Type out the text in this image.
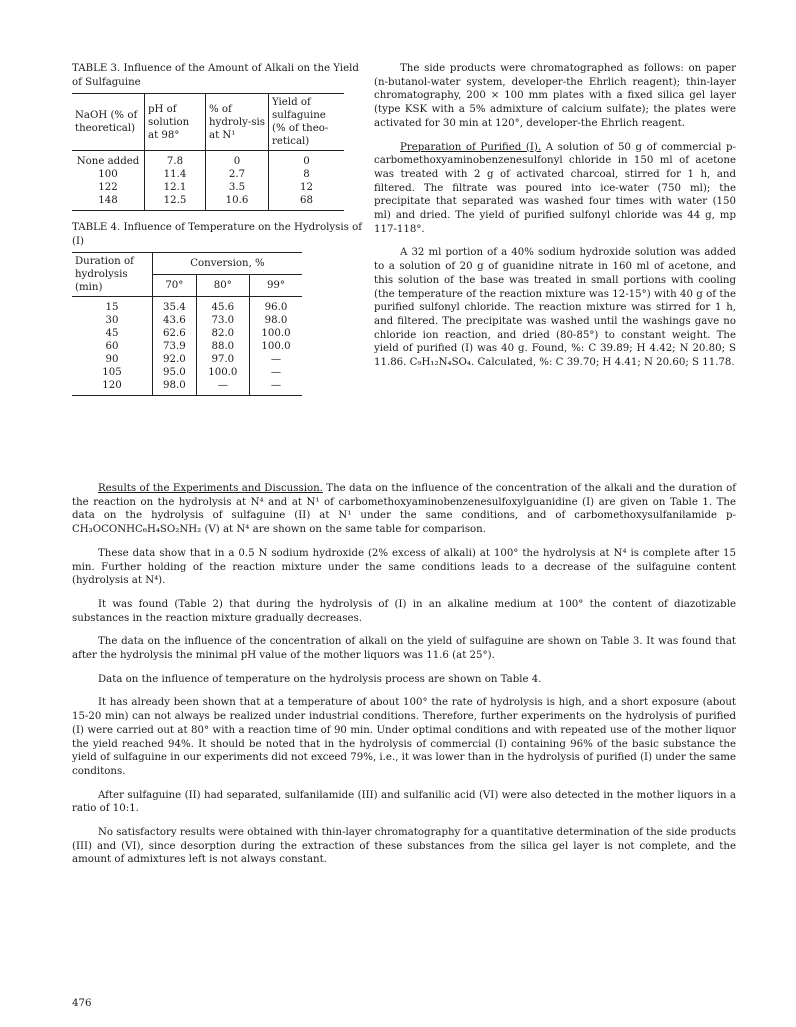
TABLE 3. Influence of the Amount of Alkali on the Yield of Sulfaguine

NaOH (% of theoretical)	pH of solution at 98°	% of hydroly-sis at N¹	Yield of sulfaguine (% of theo-retical)
None added	7.8	0	0
100	11.4	2.7	8
122	12.1	3.5	12
148	12.5	10.6	68

TABLE 4. Influence of Temperature on the Hydrolysis of (I)

Duration of hydrolysis (min)	Conversion, %		
	70°	80°	99°
15	35.4	45.6	96.0
30	43.6	73.0	98.0
45	62.6	82.0	100.0
60	73.9	88.0	100.0
90	92.0	97.0	—
105	95.0	100.0	—
120	98.0	—	—

The side products were chromatographed as follows: on paper (n-butanol-water system, developer-the Ehrlich reagent); thin-layer chromatography, 200 × 100 mm plates with a fixed silica gel layer (type KSK with a 5% admixture of calcium sulfate); the plates were activated for 30 min at 120°, developer-the Ehrlich reagent.

Preparation of Purified (I). A solution of 50 g of commercial p-carbomethoxyaminobenzenesulfonyl chloride in 150 ml of acetone was treated with 2 g of activated charcoal, stirred for 1 h, and filtered. The filtrate was poured into ice-water (750 ml); the precipitate that separated was washed four times with water (150 ml) and dried. The yield of purified sulfonyl chloride was 44 g, mp 117-118°.

A 32 ml portion of a 40% sodium hydroxide solution was added to a solution of 20 g of guanidine nitrate in 160 ml of acetone, and this solution of the base was treated in small portions with cooling (the temperature of the reaction mixture was 12-15°) with 40 g of the purified sulfonyl chloride. The reaction mixture was stirred for 1 h, and filtered. The precipitate was washed until the washings gave no chloride ion reaction, and dried (80-85°) to constant weight. The yield of purified (I) was 40 g. Found, %: C 39.89; H 4.42; N 20.80; S 11.86. C₉H₁₂N₄SO₄. Calculated, %: C 39.70; H 4.41; N 20.60; S 11.78.

Results of the Experiments and Discussion. The data on the influence of the concentration of the alkali and the duration of the reaction on the hydrolysis at N⁴ and at N¹ of carbomethoxyaminobenzenesulfoxylguanidine (I) are given on Table 1. The data on the hydrolysis of sulfaguine (II) at N¹ under the same conditions, and of carbomethoxysulfanilamide p-CH₃OCONHC₆H₄SO₂NH₂ (V) at N⁴ are shown on the same table for comparison.

These data show that in a 0.5 N sodium hydroxide (2% excess of alkali) at 100° the hydrolysis at N⁴ is complete after 15 min. Further holding of the reaction mixture under the same conditions leads to a decrease of the sulfaguine content (hydrolysis at N⁴).

It was found (Table 2) that during the hydrolysis of (I) in an alkaline medium at 100° the content of diazotizable substances in the reaction mixture gradually decreases.

The data on the influence of the concentration of alkali on the yield of sulfaguine are shown on Table 3. It was found that after the hydrolysis the minimal pH value of the mother liquors was 11.6 (at 25°).

Data on the influence of temperature on the hydrolysis process are shown on Table 4.

It has already been shown that at a temperature of about 100° the rate of hydrolysis is high, and a short exposure (about 15-20 min) can not always be realized under industrial conditions. Therefore, further experiments on the hydrolysis of purified (I) were carried out at 80° with a reaction time of 90 min. Under optimal conditions and with repeated use of the mother liquor the yield reached 94%. It should be noted that in the hydrolysis of commercial (I) containing 96% of the basic substance the yield of sulfaguine in our experiments did not exceed 79%, i.e., it was lower than in the hydrolysis of purified (I) under the same conditons.

After sulfaguine (II) had separated, sulfanilamide (III) and sulfanilic acid (VI) were also detected in the mother liquors in a ratio of 10:1.

No satisfactory results were obtained with thin-layer chromatography for a quantitative determination of the side products (III) and (VI), since desorption during the extraction of these substances from the silica gel layer is not complete, and the amount of admixtures left is not always constant.

476
